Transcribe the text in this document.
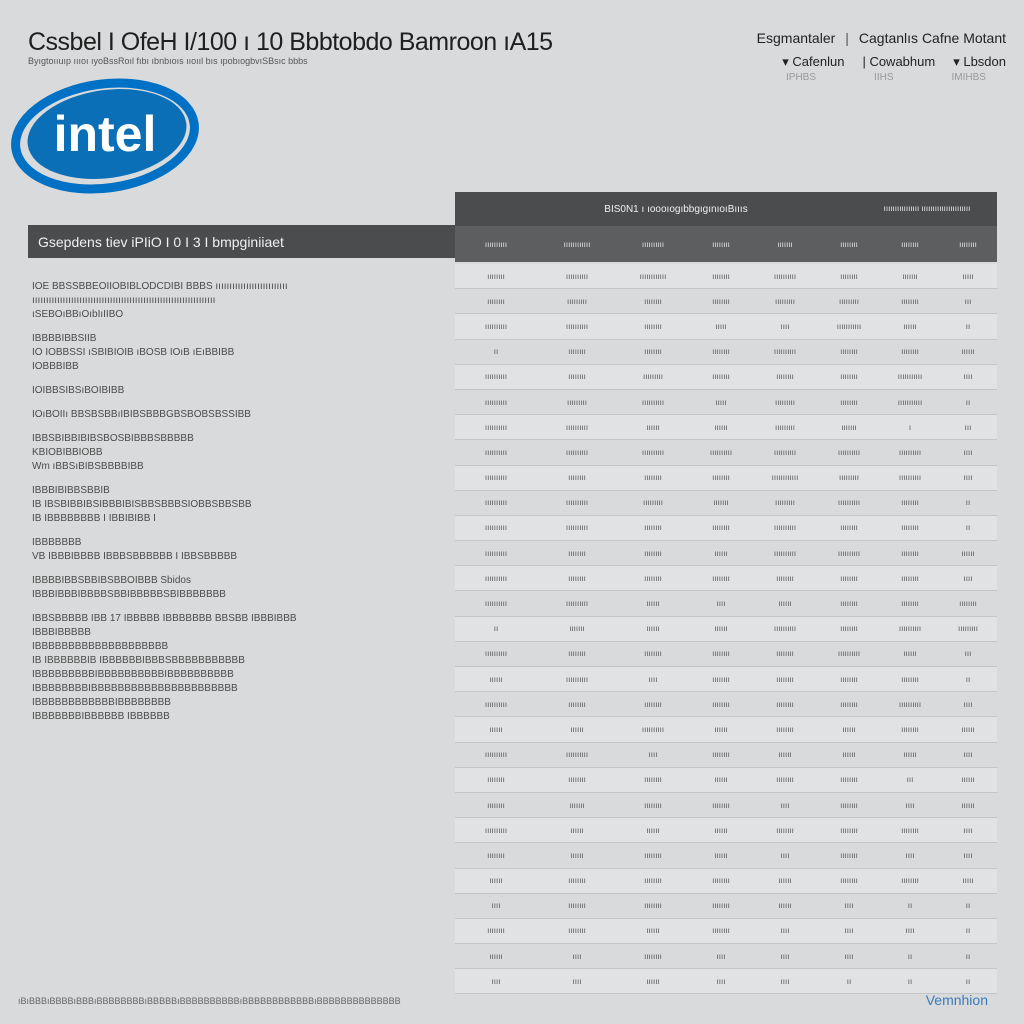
Cssbel I OfeH I/100 ı 10 Bbbtobdo Bamroon ıA15
Byıgtoııuıp ıııoı ıyoBssRoıƖ fıbı ıbnbıoıs ııoııƖ bıs ıpobıogbvıSBsıc bbbs
intel
Esgmantaler | Cagtanlıs Cafne Motant
▾ Cafenlun | Cowabhum ▾ Lbsdon
IPHBS	IIHS	IMIHBS
Gsepdens tiev iPIiO I 0 I 3 I bmpginiiaet
IOE BBSSBBEOIIOBIBLODCDIBI BBBS ıııııııııııııııııııııııııı
ıııııııııııııııııııııııııııııııııııııııııııııııııııııııııııııııııı
ıSEBOıBBıOıbIıIIBO
IBBBBIBBSIIB
IO IOBBSSI ıSBIBIOIB ıBOSB IOıB ıEıBBIBB
IOBBBIBB
IOIBBSIBSıBOIBIBB
IOıBOIIı BBSBSBBıIBIBSBBBGBSBOBSBSSIBB
IBBSBIBBIBIBSBOSBIBBBSBBBBB
KBIOBIBBIOBB
Wm ıBBSıBIBSBBBBIBB
IBBBIBIBBSBBIB
IB IBSBIBBIBSIBBBIBISBBSBBBSIOBBSBBSBB
IB IBBBBBBBB I IBBIBIBB I
IBBBBBBB
VB IBBBIBBBB IBBBSBBBBBB I IBBSBBBBB
IBBBBIBBSBBIBSBBOIBBB Sbidos
IBBBIBBBIBBBBSBBIBBBBBSBIBBBBBBB
IBBSBBBBB IBB 17 IBBBBB IBBBBBBB BBSBB IBBBIBBB
IBBBIBBBBB
IBBBBBBBBBBBBBBBBBBBB
IB IBBBBBBIB IBBBBBBIBBBSBBBBBBBBBBB
IBBBBBBBBBIBBBBBBBBBBIBBBBBBBBBB
IBBBBBBBBIBBBBBBBBBBBBBBBBBBBBBB
IBBBBBBBBBBBBIBBBBBBBB
IBBBBBBBIBBBBBB IBBBBBB
BIS0N1 ı ıoooıogıbbgıgınıoıBıııs	ıııııııııııııııı ıııııııııııııııııııııı
ıııııııııı	ıııııııııııı	ıııııııııı	ıııııııı	ııııııı	ıııııııı	ıııııııı	ıııııııı
ıııııııı	ıııııııııı	ıııııııııııı	ıııııııı	ıııııııııı	ıııııııı	ııııııı	ııııı
ıııııııı	ııııııııı	ıııııııı	ıııııııı	ııııııııı	ııııııııı	ıııııııı	ııı
ıııııııııı	ıııııııııı	ıııııııı	ııııı	ıııı	ııııııııııı	ıııııı	ıı
ıı	ıııııııı	ıııııııı	ıııııııı	ıııııııııı	ıııııııı	ıııııııı	ıııııı
ıııııııııı	ıııııııı	ııııııııı	ıııııııı	ıııııııı	ıııııııı	ııııııııııı	ıııı
ıııııııııı	ııııııııı	ıııııııııı	ııııı	ııııııııı	ıııııııı	ııııııııııı	ıı
ıııııııııı	ıııııııııı	ıııııı	ıııııı	ııııııııı	ııııııı	ı	ııı
ıııııııııı	ıııııııııı	ıııııııııı	ıııııııııı	ıııııııııı	ıııııııııı	ıııııııııı	ıııı
ıııııııııı	ıııııııı	ıııııııı	ıııııııı	ıııııııııııı	ııııııııı	ıııııııııı	ıııı
ıııııııııı	ıııııııııı	ııııııııı	ııııııı	ııııııııı	ıııııııııı	ıııııııı	ıı
ıııııııııı	ıııııııııı	ıııııııı	ıııııııı	ıııııııııı	ıııııııı	ıııııııı	ıı
ıııııııııı	ıııııııı	ıııııııı	ıııııı	ıııııııııı	ıııııııııı	ıııııııı	ıııııı
ıııııııııı	ıııııııı	ıııııııı	ıııııııı	ıııııııı	ıııııııı	ıııııııı	ıııı
ıııııııııı	ıııııııııı	ıııııı	ıııı	ıııııı	ıııııııı	ıııııııı	ıııııııı
ıı	ııııııı	ıııııı	ıııııı	ıııııııııı	ıııııııı	ıııııııııı	ııııııııı
ıııııııııı	ıııııııı	ıııııııı	ıııııııı	ıııııııı	ıııııııııı	ıııııı	ııı
ıııııı	ıııııııııı	ıııı	ıııııııı	ıııııııı	ıııııııı	ıııııııı	ıı
ıııııııııı	ıııııııı	ıııııııı	ıııııııı	ıııııııı	ıııııııı	ıııııııııı	ıııı
ıııııı	ıııııı	ıııııııııı	ıııııı	ıııııııı	ıııııı	ıııııııı	ıııııı
ıııııııııı	ıııııııııı	ıııı	ıııııııı	ıııııı	ıııııı	ıııııı	ıııı
ıııııııı	ıııııııı	ıııııııı	ıııııı	ıııııııı	ıııııııı	ııı	ıııııı
ıııııııı	ııııııı	ıııııııı	ıııııııı	ıııı	ıııııııı	ıııı	ıııııı
ıııııııııı	ıııııı	ıııııı	ıııııı	ıııııııı	ıııııııı	ıııııııı	ıııı
ıııııııı	ıııııı	ıııııııı	ıııııı	ıııı	ıııııııı	ıııı	ıııı
ıııııı	ıııııııı	ıııııııı	ıııııııı	ıııııı	ıııııııı	ıııııııı	ııııı
ıııı	ıııııııı	ıııııııı	ıııııııı	ıııııı	ıııı	ıı	ıı
ıııııııı	ıııııııı	ıııııı	ıııııııı	ıııı	ıııı	ıııı	ıı
ıııııı	ıııı	ıııııııı	ıııı	ıııı	ıııı	ıı	ıı
ıııı	ıııı	ıııııı	ıııı	ıııı	ıı	ıı	ıı
ıBıBBBıBBBBıBBBıBBBBBBBBıBBBBBıBBBBBBBBBBıBBBBBBBBBBBBıBBBBBBBBBBBBBB	Vemnhion
